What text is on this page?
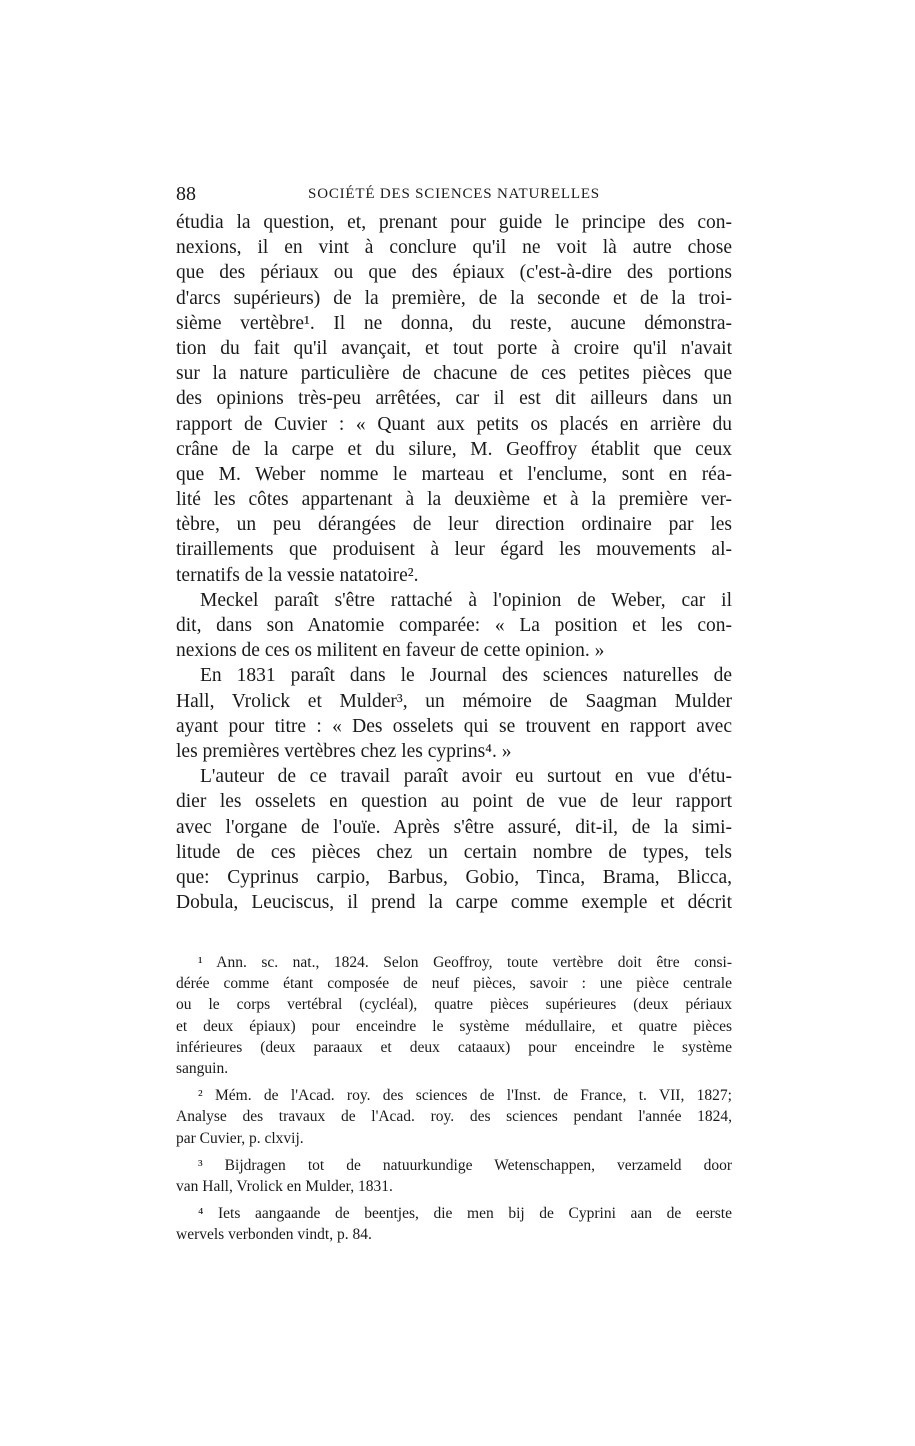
88	SOCIÉTÉ DES SCIENCES NATURELLES
étudia la question, et, prenant pour guide le principe des con-
nexions, il en vint à conclure qu'il ne voit là autre chose
que des périaux ou que des épiaux (c'est-à-dire des portions
d'arcs supérieurs) de la première, de la seconde et de la troi-
sième vertèbre¹. Il ne donna, du reste, aucune démonstra-
tion du fait qu'il avançait, et tout porte à croire qu'il n'avait
sur la nature particulière de chacune de ces petites pièces que
des opinions très-peu arrêtées, car il est dit ailleurs dans un
rapport de Cuvier : « Quant aux petits os placés en arrière du
crâne de la carpe et du silure, M. Geoffroy établit que ceux
que M. Weber nomme le marteau et l'enclume, sont en réa-
lité les côtes appartenant à la deuxième et à la première ver-
tèbre, un peu dérangées de leur direction ordinaire par les
tiraillements que produisent à leur égard les mouvements al-
ternatifs de la vessie natatoire².
Meckel paraît s'être rattaché à l'opinion de Weber, car il
dit, dans son Anatomie comparée: « La position et les con-
nexions de ces os militent en faveur de cette opinion. »
En 1831 paraît dans le Journal des sciences naturelles de
Hall, Vrolick et Mulder³, un mémoire de Saagman Mulder
ayant pour titre : « Des osselets qui se trouvent en rapport avec
les premières vertèbres chez les cyprins⁴. »
L'auteur de ce travail paraît avoir eu surtout en vue d'étu-
dier les osselets en question au point de vue de leur rapport
avec l'organe de l'ouïe. Après s'être assuré, dit-il, de la simi-
litude de ces pièces chez un certain nombre de types, tels
que: Cyprinus carpio, Barbus, Gobio, Tinca, Brama, Blicca,
Dobula, Leuciscus, il prend la carpe comme exemple et décrit
¹ Ann. sc. nat., 1824. Selon Geoffroy, toute vertèbre doit être consi-
dérée comme étant composée de neuf pièces, savoir : une pièce centrale
ou le corps vertébral (cycléal), quatre pièces supérieures (deux périaux
et deux épiaux) pour enceindre le système médullaire, et quatre pièces
inférieures (deux paraaux et deux cataaux) pour enceindre le système
sanguin.
² Mém. de l'Acad. roy. des sciences de l'Inst. de France, t. VII, 1827;
Analyse des travaux de l'Acad. roy. des sciences pendant l'année 1824,
par Cuvier, p. clxvij.
³ Bijdragen tot de natuurkundige Wetenschappen, verzameld door
van Hall, Vrolick en Mulder, 1831.
⁴ Iets aangaande de beentjes, die men bij de Cyprini aan de eerste
wervels verbonden vindt, p. 84.
